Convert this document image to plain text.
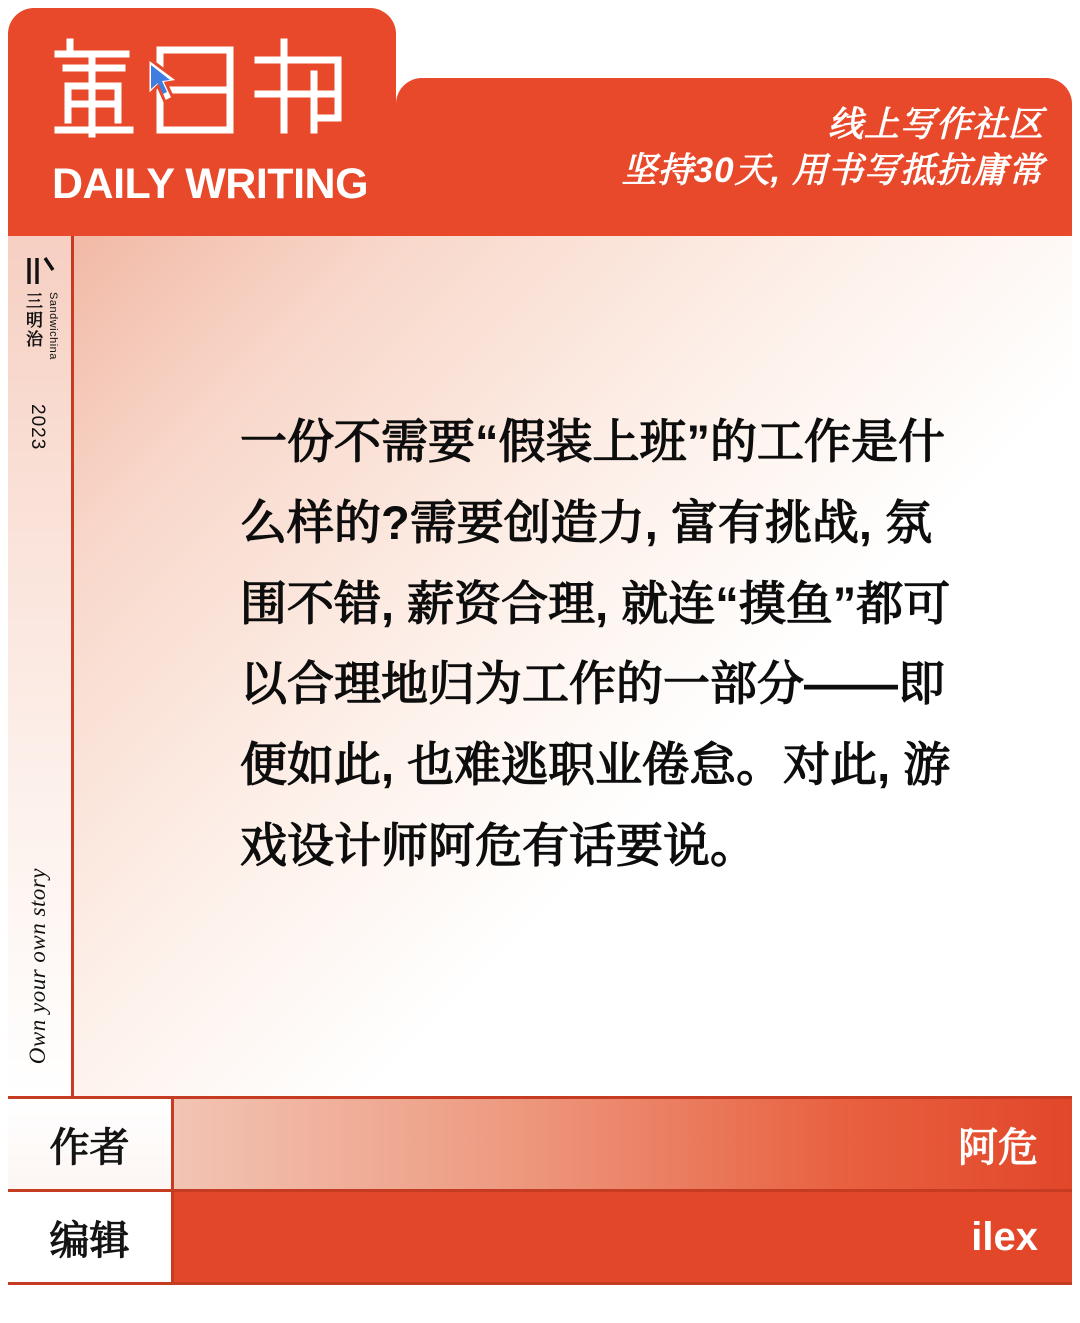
DAILY WRITING
线上写作社区
坚持30天, 用书写抵抗庸常
三明治 Sandwichina
2023
Own your own story
一份不需要“假装上班”的工作是什么样的?需要创造力, 富有挑战, 氛围不错, 薪资合理, 就连“摸鱼”都可以合理地归为工作的一部分——即便如此, 也难逃职业倦怠。对此, 游戏设计师阿危有话要说。
作者	阿危
编辑	ilex
